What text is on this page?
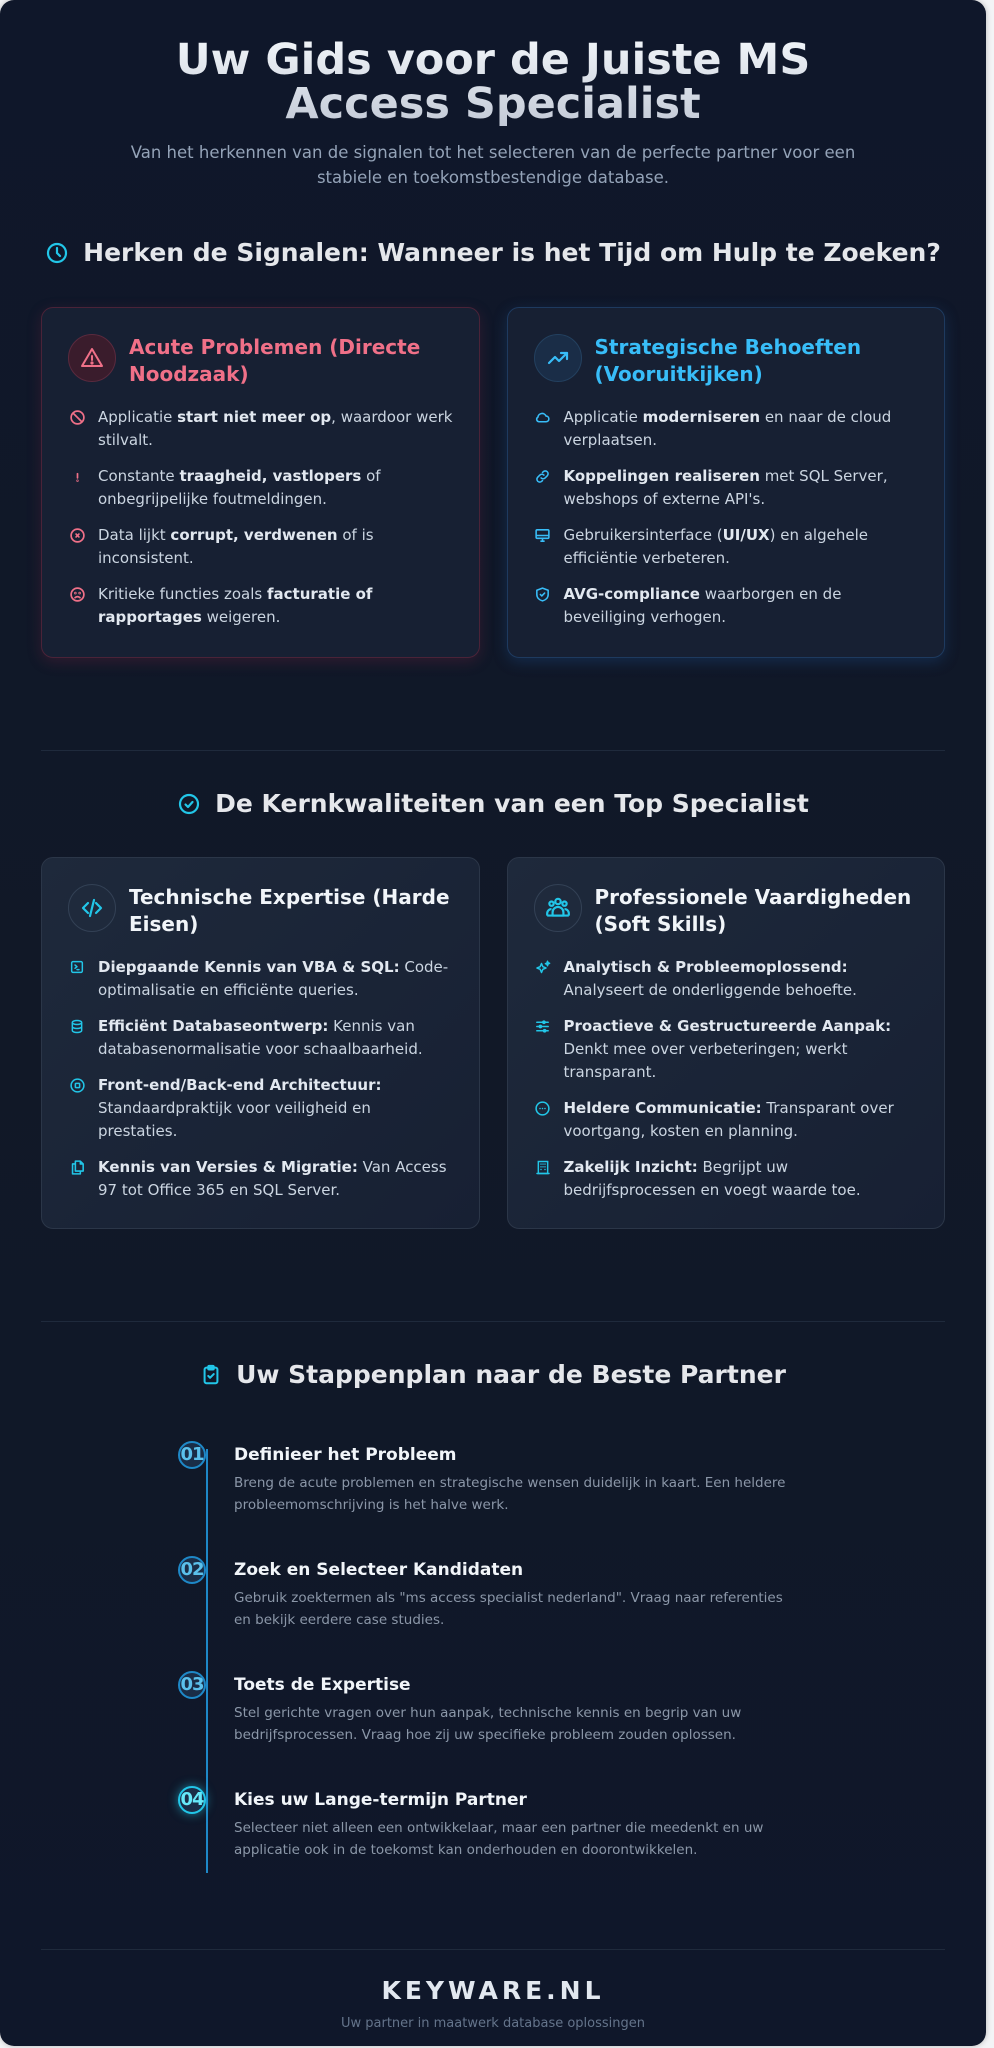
Uw Gids voor de Juiste MS Access Specialist

Van het herkennen van de signalen tot het selecteren van de perfecte partner voor een stabiele en toekomstbestendige database.

Herken de Signalen: Wanneer is het Tijd om Hulp te Zoeken?
Acute Problemen (Directe Noodzaak)
Applicatie start niet meer op, waardoor werk stilvalt.
Constante traagheid, vastlopers of onbegrijpelijke foutmeldingen.
Data lijkt corrupt, verdwenen of is inconsistent.
Kritieke functies zoals facturatie of rapportages weigeren.
Strategische Behoeften (Vooruitkijken)
Applicatie moderniseren en naar de cloud verplaatsen.
Koppelingen realiseren met SQL Server, webshops of externe API's.
Gebruikersinterface (UI/UX) en algehele efficiëntie verbeteren.
AVG-compliance waarborgen en de beveiliging verhogen.
De Kernkwaliteiten van een Top Specialist
Technische Expertise (Harde Eisen)
Diepgaande Kennis van VBA & SQL: Code-optimalisatie en efficiënte queries.
Efficiënt Databaseontwerp: Kennis van databasenormalisatie voor schaalbaarheid.
Front-end/Back-end Architectuur: Standaardpraktijk voor veiligheid en prestaties.
Kennis van Versies & Migratie: Van Access 97 tot Office 365 en SQL Server.
Professionele Vaardigheden (Soft Skills)
Analytisch & Probleemoplossend: Analyseert de onderliggende behoefte.
Proactieve & Gestructureerde Aanpak: Denkt mee over verbeteringen; werkt transparant.
Heldere Communicatie: Transparant over voortgang, kosten en planning.
Zakelijk Inzicht: Begrijpt uw bedrijfsprocessen en voegt waarde toe.
Uw Stappenplan naar de Beste Partner
01 Definieer het Probleem

Breng de acute problemen en strategische wensen duidelijk in kaart. Een heldere probleemomschrijving is het halve werk.

02 Zoek en Selecteer Kandidaten

Gebruik zoektermen als "ms access specialist nederland". Vraag naar referenties en bekijk eerdere case studies.

03 Toets de Expertise

Stel gerichte vragen over hun aanpak, technische kennis en begrip van uw bedrijfsprocessen. Vraag hoe zij uw specifieke probleem zouden oplossen.

04 Kies uw Lange-termijn Partner

Selecteer niet alleen een ontwikkelaar, maar een partner die meedenkt en uw applicatie ook in de toekomst kan onderhouden en doorontwikkelen.

KEYWARE.NL
Uw partner in maatwerk database oplossingen
